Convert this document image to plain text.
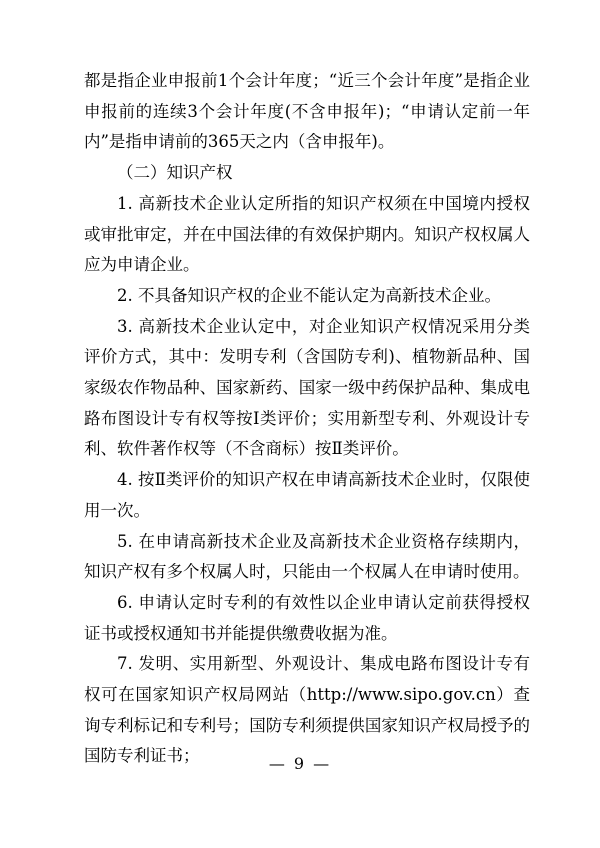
都是指企业申报前1个会计年度；“近三个会计年度”是指企业申报前的连续3个会计年度(不含申报年)；“申请认定前一年内”是指申请前的365天之内（含申报年)。

（二）知识产权

1. 高新技术企业认定所指的知识产权须在中国境内授权或审批审定，并在中国法律的有效保护期内。知识产权权属人应为申请企业。

2. 不具备知识产权的企业不能认定为高新技术企业。

3. 高新技术企业认定中，对企业知识产权情况采用分类评价方式，其中：发明专利（含国防专利)、植物新品种、国家级农作物品种、国家新药、国家一级中药保护品种、集成电路布图设计专有权等按Ⅰ类评价；实用新型专利、外观设计专利、软件著作权等（不含商标）按Ⅱ类评价。

4. 按Ⅱ类评价的知识产权在申请高新技术企业时，仅限使用一次。

5. 在申请高新技术企业及高新技术企业资格存续期内，知识产权有多个权属人时，只能由一个权属人在申请时使用。

6. 申请认定时专利的有效性以企业申请认定前获得授权证书或授权通知书并能提供缴费收据为准。

7. 发明、实用新型、外观设计、集成电路布图设计专有权可在国家知识产权局网站（http://www.sipo.gov.cn）查询专利标记和专利号；国防专利须提供国家知识产权局授予的国防专利证书；	— 9 —
